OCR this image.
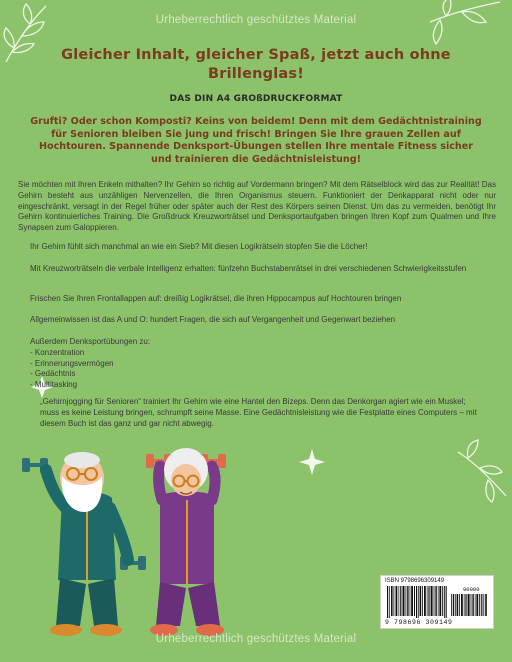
Urheberrechtlich geschütztes Material
Gleicher Inhalt, gleicher Spaß, jetzt auch ohne Brillenglas!
DAS DIN A4 GROßDRUCKFORMAT
Grufti? Oder schon Komposti? Keins von beidem! Denn mit dem Gedächtnistraining für Senioren bleiben Sie jung und frisch! Bringen Sie Ihre grauen Zellen auf Hochtouren. Spannende Denksport-Übungen stellen Ihre mentale Fitness sicher und trainieren die Gedächtnisleistung!
Sie möchten mit Ihren Enkeln mithalten? Ihr Gehirn so richtig auf Vordermann bringen? Mit dem Rätselblock wird das zur Realität! Das Gehirn besteht aus unzähligen Nervenzellen, die Ihren Organismus steuern. Funktioniert der Denkapparat nicht oder nur eingeschränkt, versagt in der Regel früher oder später auch der Rest des Körpers seinen Dienst. Um das zu vermeiden, benötigt Ihr Gehirn kontinuierliches Training. Die Großdruck Kreuzworträtsel und Denksportaufgaben bringen Ihren Kopf zum Qualmen und Ihre Synapsen zum Galoppieren.
Ihr Gehirn fühlt sich manchmal an wie ein Sieb? Mit diesen Logikrätseln stopfen Sie die Löcher!
Mit Kreuzworträtseln die verbale Intelligenz erhalten: fünfzehn Buchstabenrätsel in drei verschiedenen Schwierigkeitsstufen
Frischen Sie Ihren Frontallappen auf: dreißig Logikrätsel, die ihren Hippocampus auf Hochtouren bringen
Allgemeinwissen ist das A und O: hundert Fragen, die sich auf Vergangenheit und Gegenwart beziehen
Außerdem Denksportübungen zu:
- Konzentration
- Erinnerungsvermögen
- Gedächtnis
- Multitasking
„Gehirnjogging für Senioren“ trainiert Ihr Gehirn wie eine Hantel den Bizeps. Denn das Denkorgan agiert wie ein Muskel; muss es keine Leistung bringen, schrumpft seine Masse. Eine Gedächtnisleistung wie die Festplatte eines Computers – mit diesem Buch ist das ganz und gar nicht abwegig.
ISBN 9798696309149
90000
9 798696 309149
Urheberrechtlich geschütztes Material
